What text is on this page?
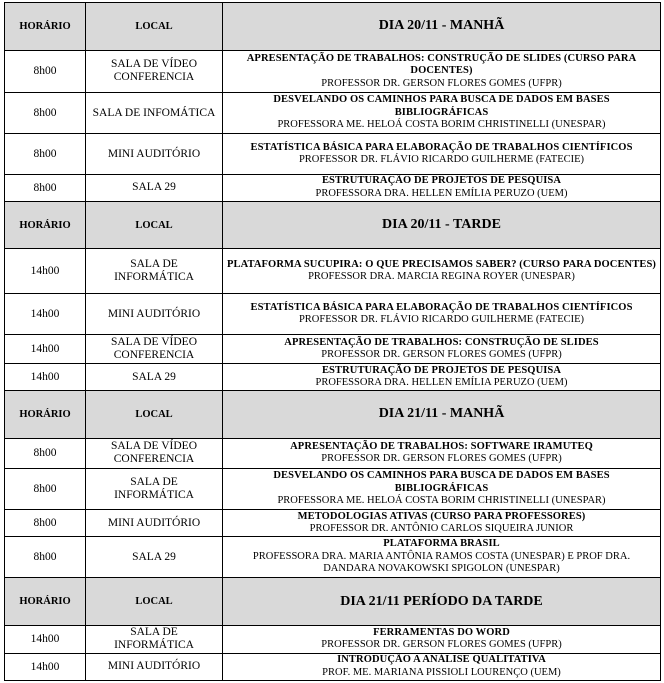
HORÁRIO	LOCAL	DIA 20/11 - MANHÃ
8h00	SALA DE VÍDEO CONFERENCIA	APRESENTAÇÃO DE TRABALHOS: CONSTRUÇÃO DE SLIDES (CURSO PARA DOCENTES)
PROFESSOR DR. GERSON FLORES GOMES (UFPR)

8h00	SALA DE INFOMÁTICA	DESVELANDO OS CAMINHOS PARA BUSCA DE DADOS EM BASES BIBLIOGRÁFICAS
PROFESSORA ME. HELOÁ COSTA BORIM CHRISTINELLI (UNESPAR)

8h00	MINI AUDITÓRIO	ESTATÍSTICA BÁSICA PARA ELABORAÇÃO DE TRABALHOS CIENTÍFICOS
PROFESSOR DR. FLÁVIO RICARDO GUILHERME (FATECIE)

8h00	SALA 29	ESTRUTURAÇÃO DE PROJETOS DE PESQUISA
PROFESSORA DRA. HELLEN EMÍLIA PERUZO (UEM)

HORÁRIO	LOCAL	DIA 20/11 - TARDE
14h00	SALA DE INFORMÁTICA	PLATAFORMA SUCUPIRA: O QUE PRECISAMOS SABER? (CURSO PARA DOCENTES)
PROFESSOR DRA. MARCIA REGINA ROYER (UNESPAR)

14h00	MINI AUDITÓRIO	ESTATÍSTICA BÁSICA PARA ELABORAÇÃO DE TRABALHOS CIENTÍFICOS
PROFESSOR DR. FLÁVIO RICARDO GUILHERME (FATECIE)

14h00	SALA DE VÍDEO CONFERENCIA	APRESENTAÇÃO DE TRABALHOS: CONSTRUÇÃO DE SLIDES
PROFESSOR DR. GERSON FLORES GOMES (UFPR)

14h00	SALA 29	ESTRUTURAÇÃO DE PROJETOS DE PESQUISA
PROFESSORA DRA. HELLEN EMÍLIA PERUZO (UEM)

HORÁRIO	LOCAL	DIA 21/11 - MANHÃ
8h00	SALA DE VÍDEO CONFERENCIA	APRESENTAÇÃO DE TRABALHOS: SOFTWARE IRAMUTEQ
PROFESSOR DR. GERSON FLORES GOMES (UFPR)

8h00	SALA DE INFORMÁTICA	DESVELANDO OS CAMINHOS PARA BUSCA DE DADOS EM BASES BIBLIOGRÁFICAS
PROFESSORA ME. HELOÁ COSTA BORIM CHRISTINELLI (UNESPAR)

8h00	MINI AUDITÓRIO	METODOLOGIAS ATIVAS (CURSO PARA PROFESSORES)
PROFESSOR DR. ANTÔNIO CARLOS SIQUEIRA JUNIOR

8h00	SALA 29	PLATAFORMA BRASIL
PROFESSORA DRA. MARIA ANTÔNIA RAMOS COSTA (UNESPAR) E PROF DRA. DANDARA NOVAKOWSKI SPIGOLON (UNESPAR)

HORÁRIO	LOCAL	DIA 21/11 PERÍODO DA TARDE
14h00	SALA DE INFORMÁTICA	FERRAMENTAS DO WORD
PROFESSOR DR. GERSON FLORES GOMES (UFPR)

14h00	MINI AUDITÓRIO	INTRODUÇÃO A ANÁLISE QUALITATIVA
PROF. ME. MARIANA PISSIOLI LOURENÇO (UEM)
